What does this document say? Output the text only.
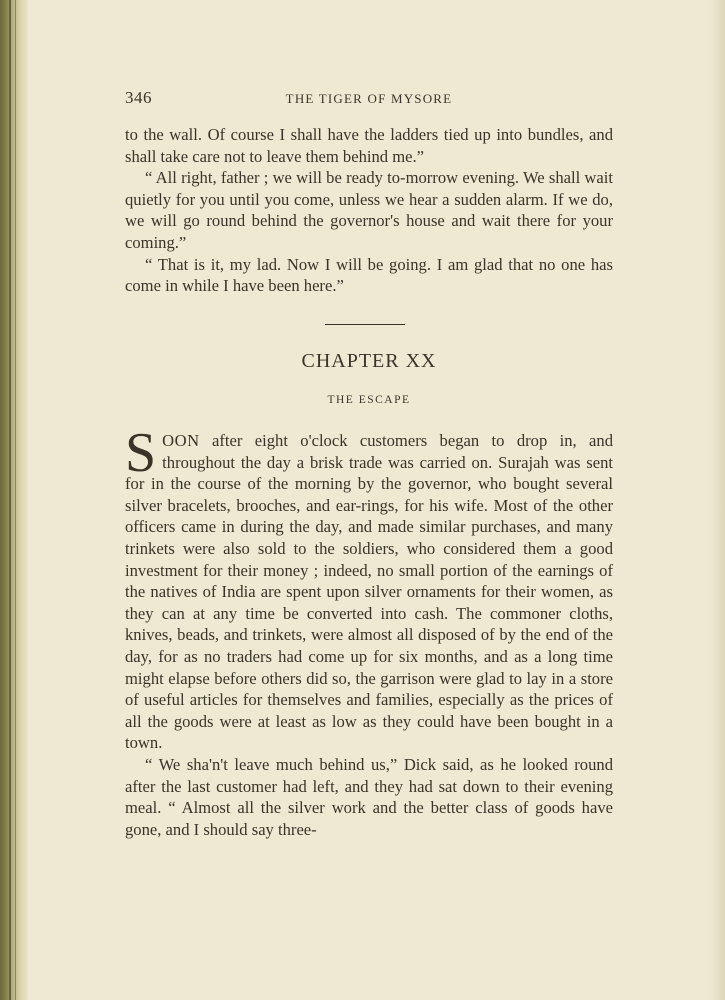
346	THE TIGER OF MYSORE

to the wall. Of course I shall have the ladders tied up into bundles, and shall take care not to leave them behind me.”

“ All right, father ; we will be ready to-morrow evening. We shall wait quietly for you until you come, unless we hear a sudden alarm. If we do, we will go round behind the governor's house and wait there for your coming.”

“ That is it, my lad. Now I will be going. I am glad that no one has come in while I have been here.”

CHAPTER XX
THE ESCAPE

SOON after eight o'clock customers began to drop in, and throughout the day a brisk trade was carried on. Surajah was sent for in the course of the morning by the governor, who bought several silver bracelets, brooches, and ear-rings, for his wife. Most of the other officers came in during the day, and made similar purchases, and many trinkets were also sold to the soldiers, who considered them a good investment for their money ; indeed, no small portion of the earnings of the natives of India are spent upon silver ornaments for their women, as they can at any time be converted into cash. The commoner cloths, knives, beads, and trinkets, were almost all disposed of by the end of the day, for as no traders had come up for six months, and as a long time might elapse before others did so, the garrison were glad to lay in a store of useful articles for themselves and families, especially as the prices of all the goods were at least as low as they could have been bought in a town.

“ We sha'n't leave much behind us,” Dick said, as he looked round after the last customer had left, and they had sat down to their evening meal. “ Almost all the silver work and the better class of goods have gone, and I should say three-
